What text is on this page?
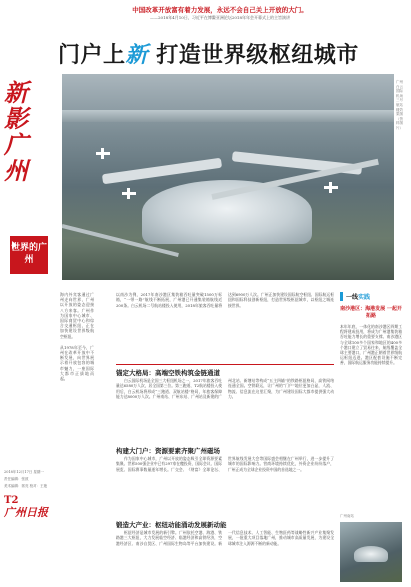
中国改革开放富有着力发展，永远不会自己关上开放的大门。
——2018年4月10日，习近平在博鳌亚洲论坛2018年年会开幕式上的主旨演讲
门户上新 打造世界级枢纽城市
新
影
广
州
世界的广州
广州白云国际机场三号航站楼效果图（资料图片）
海内外宾客通过广州走向世界，广州以开放的姿态迎接八方来客。广州作为国家中心城市、国际商贸中心和综合交通枢纽，正在加快建设世界级航空枢纽。
从1978年至今，广州在改革开放中不断发展，向世界展示着开放包容的城市魅力，一座国际大都市正拔地而起。
以南沙为例，2017年南沙港区集装箱吞吐量突破1500万标箱，“一带一路”航线不断拓展，广州港已开通集装箱航线近200条。白云机场二号航站楼投入使用，2018年旅客吞吐量将达到6900万人次。广州正加快建设国际航空枢纽、国际航运枢纽和国际科技创新枢纽，打造世界级枢纽城市，以枢纽之城连接世界。
锚定大格局：高端空铁构筑金链通道

白云国际机场是全国三大枢纽机场之一，2017年旅客吞吐量达6580万人次，居全国第三位。第三跑道、T2航站楼投入使用后，白云机场将形成“三跑道、双航站楼”格局，年旅客保障能力达8000万人次。广州南站、广州东站、广州站及新建的广州北站、新塘站等构成“五主四辅”的铁路枢纽格局，高铁网络连通全国。空铁联运，让广州的“门户”地位更加凸显，人流、物流、信息流在这里汇聚，为广州建设国际大都市提供强大动力。

构建大门户：资源要素齐聚广州磁场

作为国家中心城市，广州以开放的姿态吸引全球资源要素集聚。世界500强企业中已有297家在穗投资，国际会议、国际展览、国际赛事数量逐年增长。广交会、《财富》全球论坛、世界航线发展大会等国际盛会相继在广州举行，进一步提升了城市的国际影响力。营商环境持续优化，外资企业纷纷落户，广州正成为全球企业投资中国的首选地之一。

锻造大产业：枢纽动能涌动发展新动能

枢纽经济是城市发展的新引擎。广州依托空港、海港、铁路港三大枢纽，大力发展临空经济、临港经济和高铁经济，空港经济区、南沙自贸区、广州国际生物岛等平台加快建设。新一代信息技术、人工智能、生物医药等战略性新兴产业集聚发展，一批重大项目落地广州，推动城市高质量发展，为建设全球城市注入源源不断的新动能。

一线实践
南沙港区：海港发展 一起开拓路
本年年底，一体化的南沙港区四期工程将建成投用，将成为广州港集装箱吞吐能力增长的重要支撑。南沙港区与全球100多个国家和地区的400多个港口建立了贸易往来，航线覆盖全球主要港口，广州港正朝着世界级航运枢纽迈进。港区配套设施不断完善，国际航运服务功能持续提升。
广州南站
2018年12月17日 星期一
责任编辑：张波
美术编辑：郭亮 校对：王艳
T2
广州日报
